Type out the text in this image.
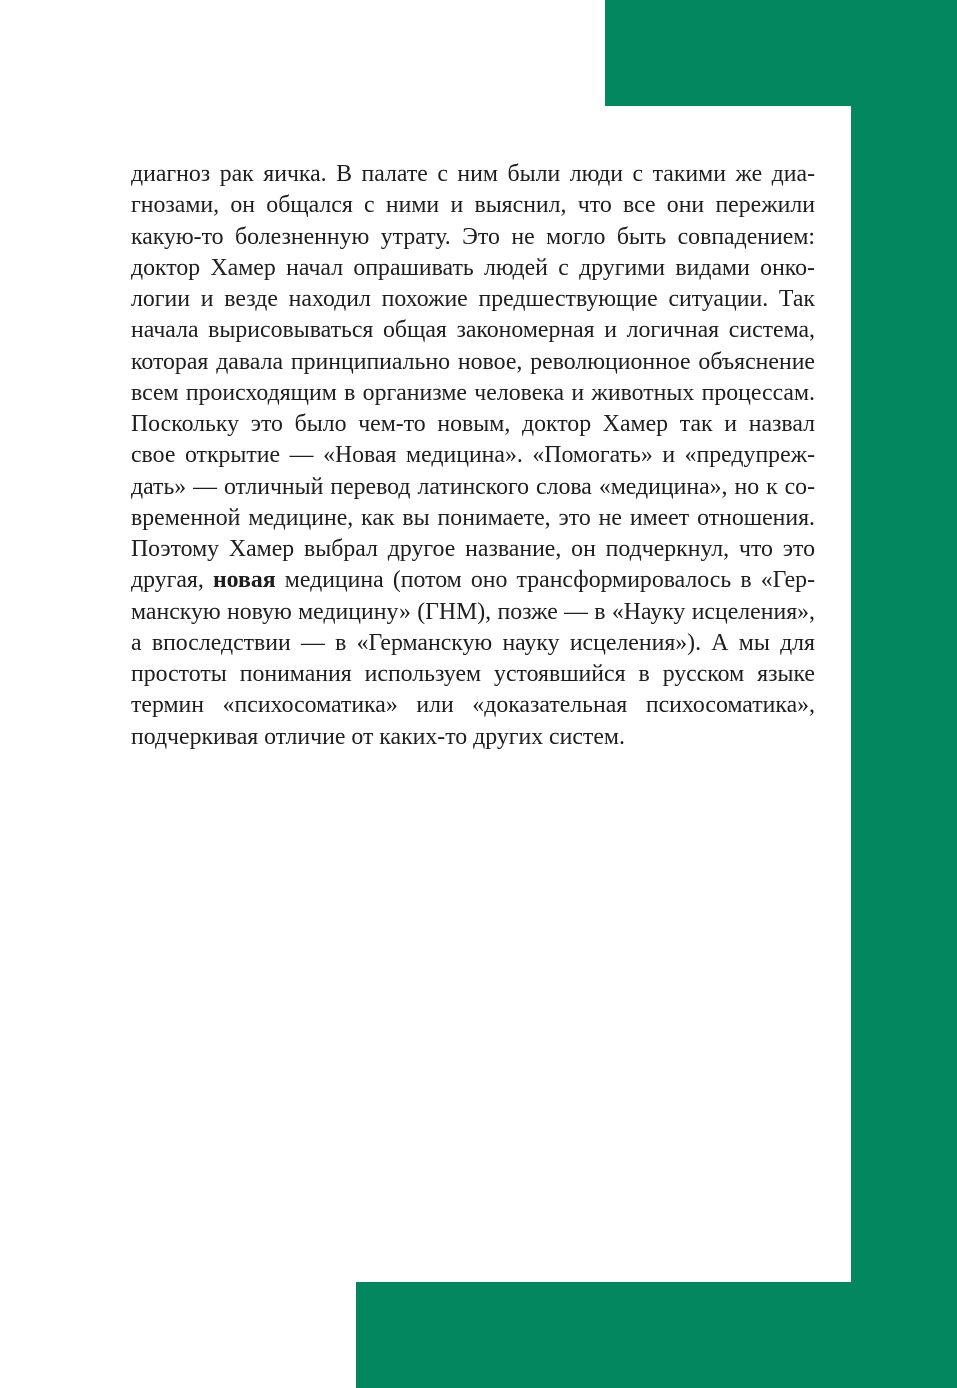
диагноз рак яичка. В палате с ним были люди с такими же диа-
гнозами, он общался с ними и выяснил, что все они пережили
какую-то болезненную утрату. Это не могло быть совпадением:
доктор Хамер начал опрашивать людей с другими видами онко-
логии и везде находил похожие предшествующие ситуации. Так
начала вырисовываться общая закономерная и логичная система,
которая давала принципиально новое, революционное объяснение
всем происходящим в организме человека и животных процессам.
Поскольку это было чем-то новым, доктор Хамер так и назвал
свое открытие — «Новая медицина». «Помогать» и «предупреж-
дать» — отличный перевод латинского слова «медицина», но к со-
временной медицине, как вы понимаете, это не имеет отношения.
Поэтому Хамер выбрал другое название, он подчеркнул, что это
другая, новая медицина (потом оно трансформировалось в «Гер-
манскую новую медицину» (ГНМ), позже — в «Науку исцеления»,
а впоследствии — в «Германскую науку исцеления»). А мы для
простоты понимания используем устоявшийся в русском языке
термин «психосоматика» или «доказательная психосоматика»,
подчеркивая отличие от каких-то других систем.
